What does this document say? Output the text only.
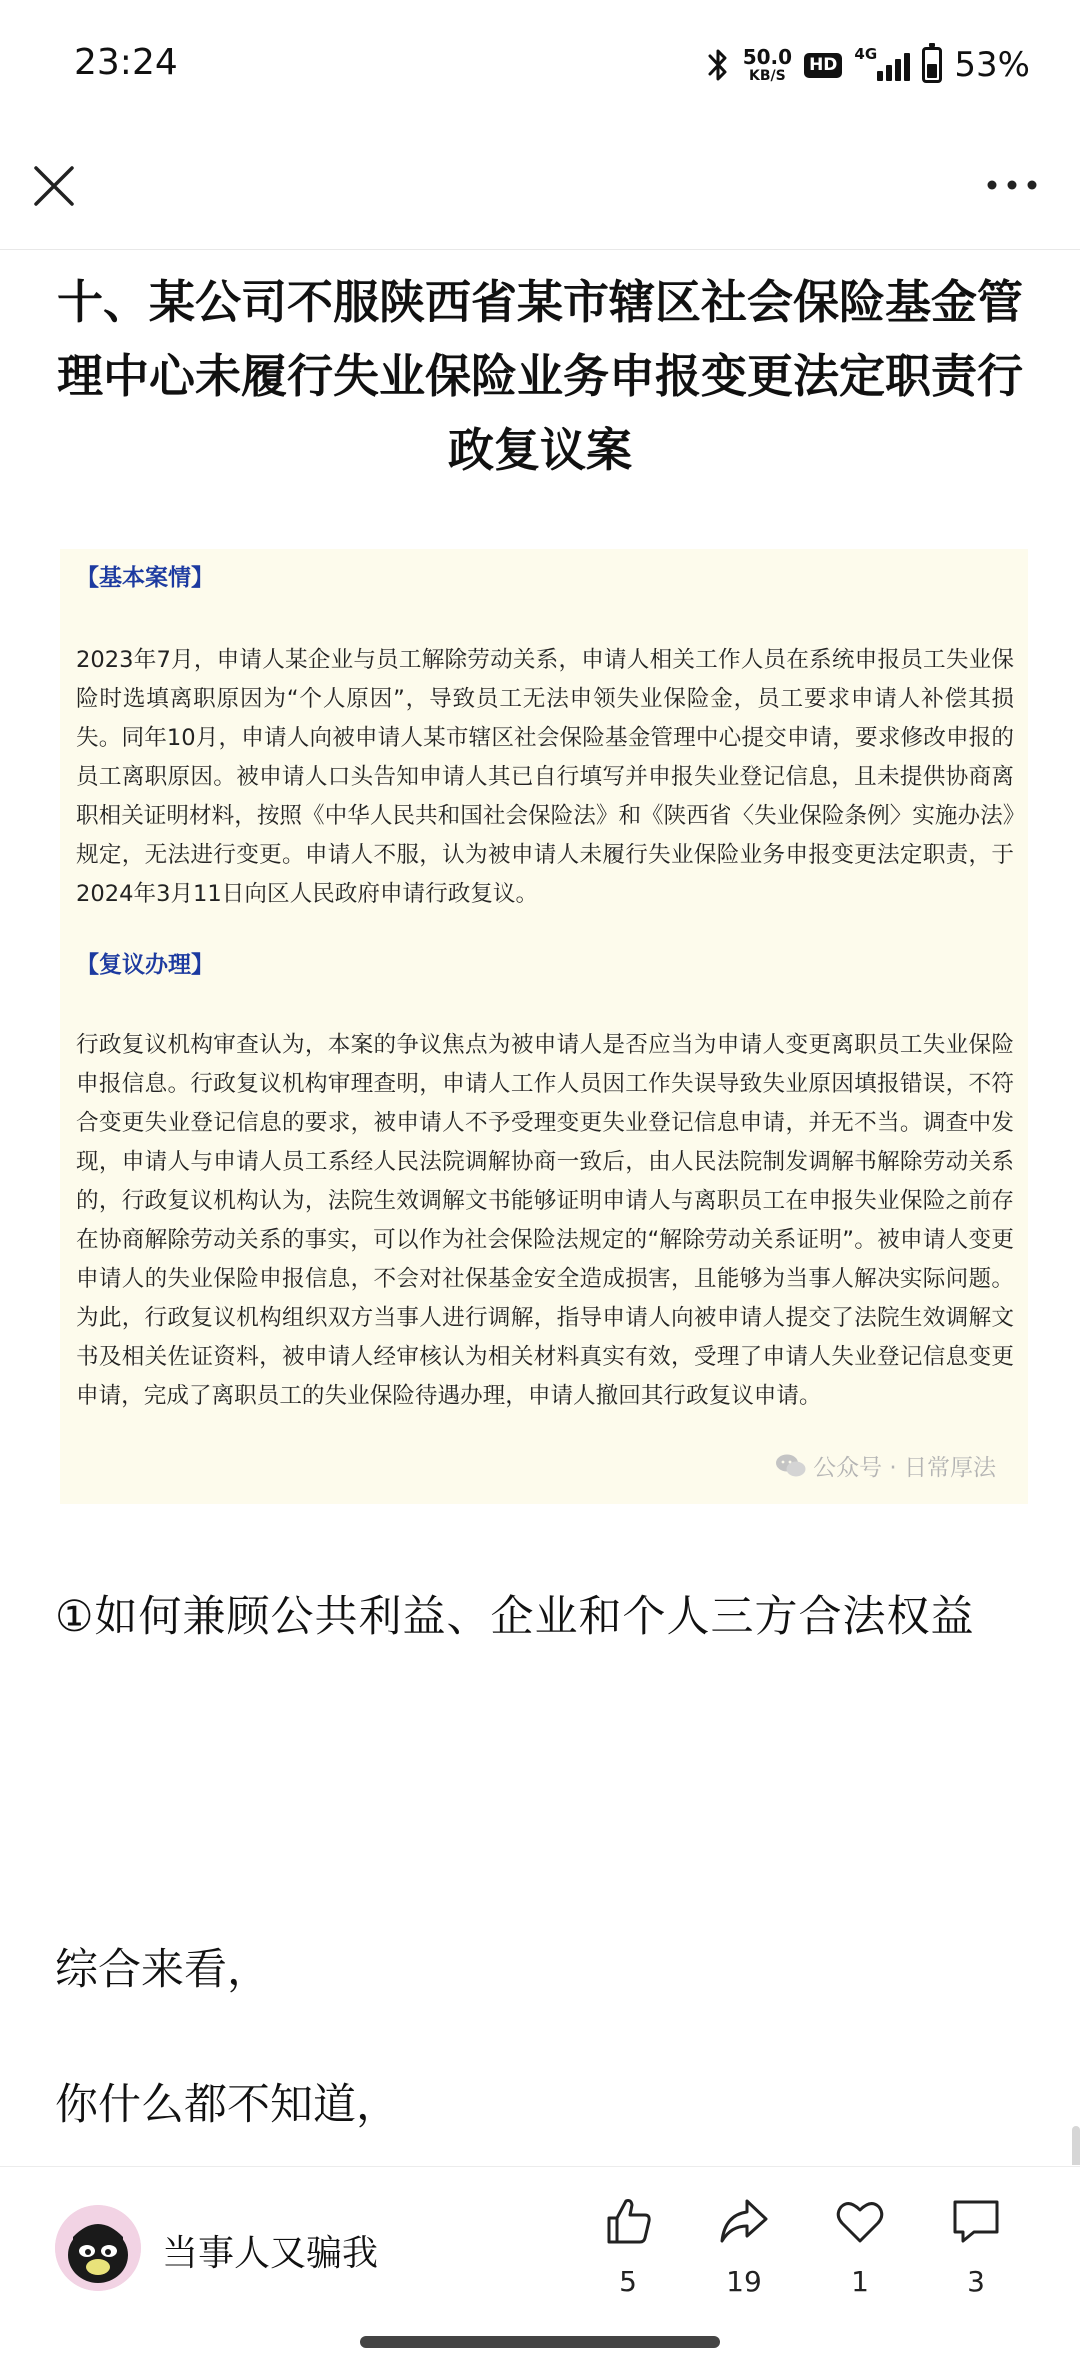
23:24	50.0
KB/S
HD
4G 53%
十、某公司不服陕西省某市辖区社会保险基金管理中心未履行失业保险业务申报变更法定职责行政复议案
【基本案情】
2023年7月，申请人某企业与员工解除劳动关系，申请人相关工作人员在系统申报员工失业保险时选填离职原因为“个人原因”，导致员工无法申领失业保险金，员工要求申请人补偿其损失。同年10月，申请人向被申请人某市辖区社会保险基金管理中心提交申请，要求修改申报的员工离职原因。被申请人口头告知申请人其已自行填写并申报失业登记信息，且未提供协商离职相关证明材料，按照《中华人民共和国社会保险法》和《陕西省〈失业保险条例〉实施办法》规定，无法进行变更。申请人不服，认为被申请人未履行失业保险业务申报变更法定职责，于2024年3月11日向区人民政府申请行政复议。
【复议办理】
行政复议机构审查认为，本案的争议焦点为被申请人是否应当为申请人变更离职员工失业保险申报信息。行政复议机构审理查明，申请人工作人员因工作失误导致失业原因填报错误，不符合变更失业登记信息的要求，被申请人不予受理变更失业登记信息申请，并无不当。调查中发现，申请人与申请人员工系经人民法院调解协商一致后，由人民法院制发调解书解除劳动关系的，行政复议机构认为，法院生效调解文书能够证明申请人与离职员工在申报失业保险之前存在协商解除劳动关系的事实，可以作为社会保险法规定的“解除劳动关系证明”。被申请人变更申请人的失业保险申报信息，不会对社保基金安全造成损害，且能够为当事人解决实际问题。为此，行政复议机构组织双方当事人进行调解，指导申请人向被申请人提交了法院生效调解文书及相关佐证资料，被申请人经审核认为相关材料真实有效，受理了申请人失业登记信息变更申请，完成了离职员工的失业保险待遇办理，申请人撤回其行政复议申请。
公众号 · 日常厚法
①如何兼顾公共利益、企业和个人三方合法权益
综合来看，
你什么都不知道，
当事人又骗我
5	19	1	3
